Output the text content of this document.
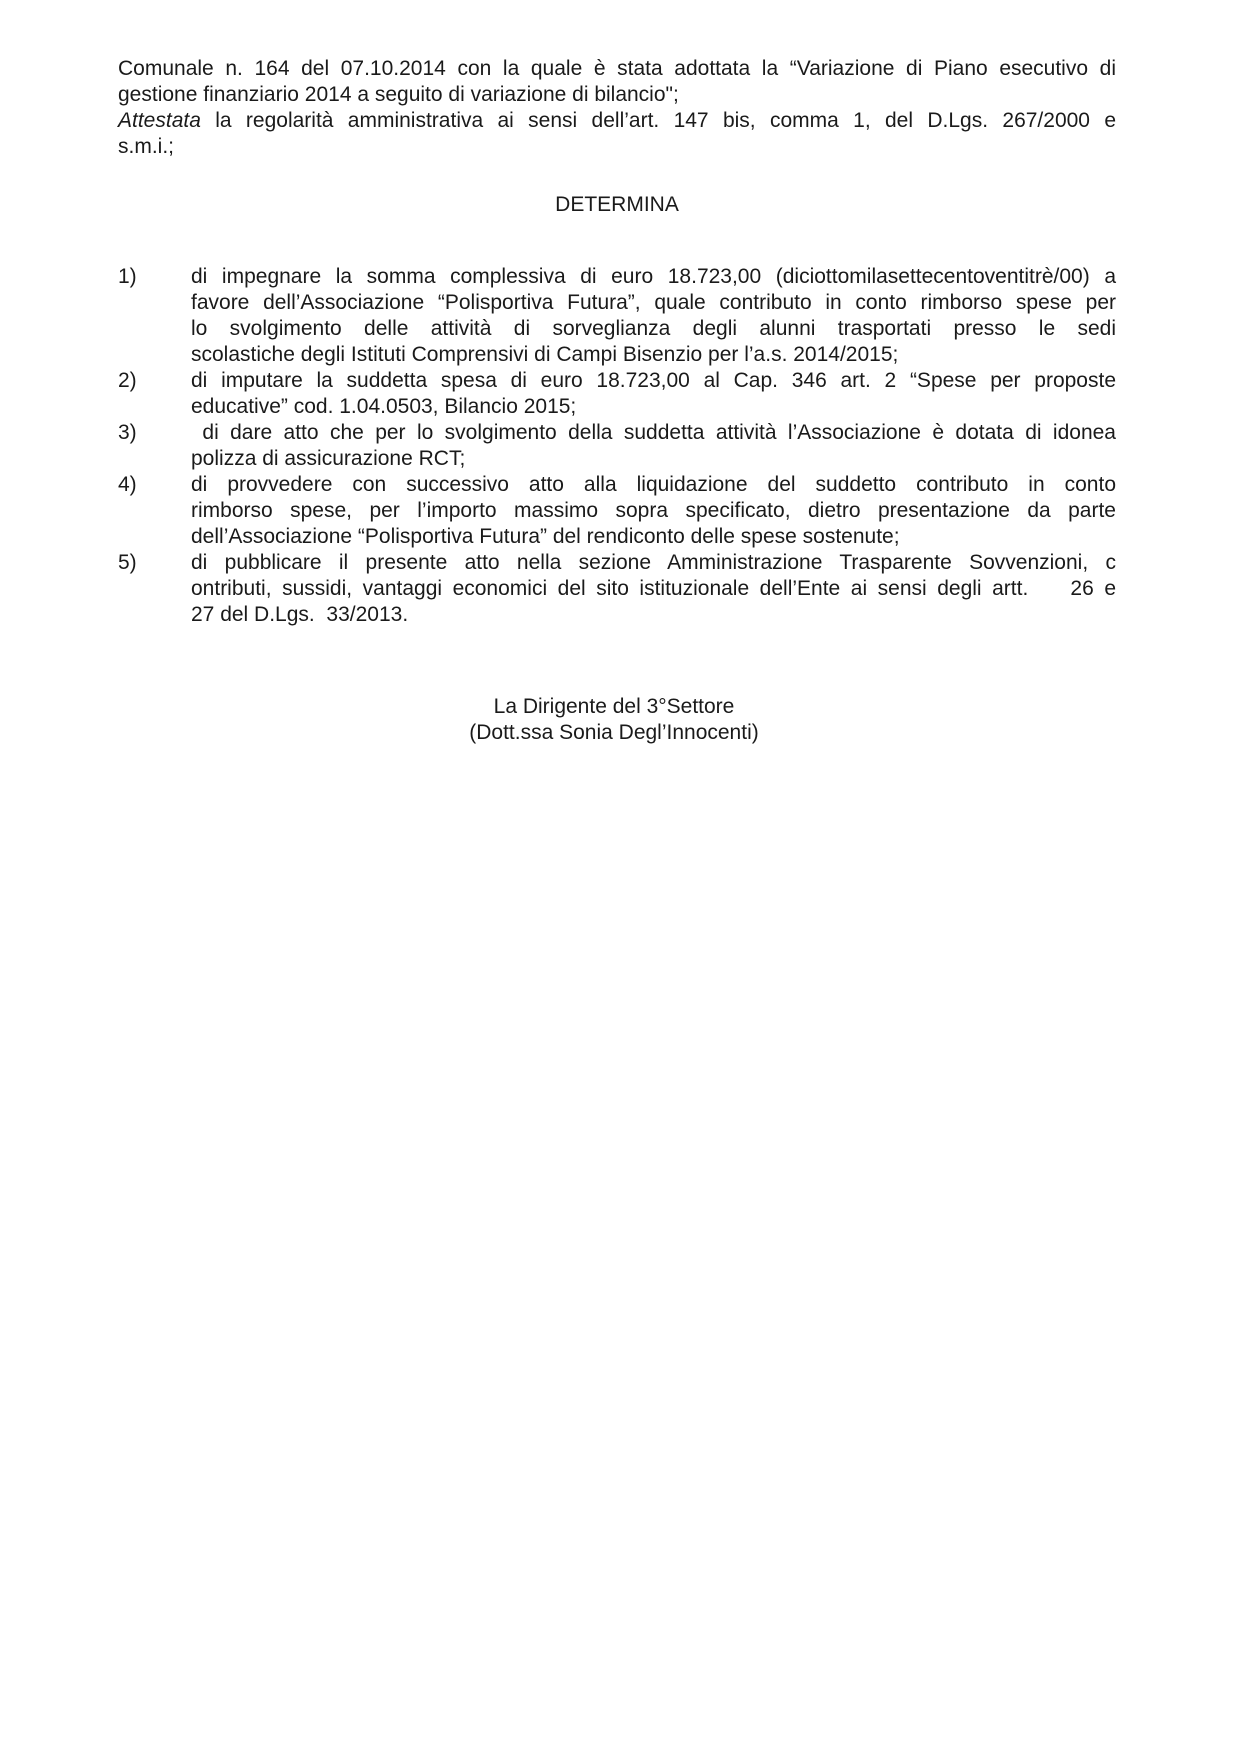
Comunale n. 164 del 07.10.2014 con la quale è stata adottata la “Variazione di Piano esecutivo di
gestione finanziario 2014 a seguito di variazione di bilancio";

Attestata la regolarità amministrativa ai sensi dell’art. 147 bis, comma 1, del D.Lgs. 267/2000 e
s.m.i.;

DETERMINA
1)	di impegnare la somma complessiva di euro 18.723,00 (diciottomilasettecentoventitrè/00) a
favore dell’Associazione “Polisportiva Futura”, quale contributo in conto rimborso spese per
lo svolgimento delle attività di sorveglianza degli alunni trasportati presso le sedi
scolastiche degli Istituti Comprensivi di Campi Bisenzio per l’a.s. 2014/2015;
2)	di imputare la suddetta spesa di euro 18.723,00 al Cap. 346 art. 2 “Spese per proposte
educative” cod. 1.04.0503, Bilancio 2015;
3)	di dare atto che per lo svolgimento della suddetta attività l’Associazione è dotata di idonea
polizza di assicurazione RCT;
4)	di provvedere con successivo atto alla liquidazione del suddetto contributo in conto
rimborso spese, per l’importo massimo sopra specificato, dietro presentazione da parte
dell’Associazione “Polisportiva Futura” del rendiconto delle spese sostenute;
5)	di pubblicare il presente atto nella sezione Amministrazione Trasparente Sovvenzioni, c
ontributi, sussidi, vantaggi economici del sito istituzionale dell’Ente ai sensi degli artt.    26 e
27 del D.Lgs.  33/2013.
La Dirigente del 3°Settore
(Dott.ssa Sonia Degl’Innocenti)
